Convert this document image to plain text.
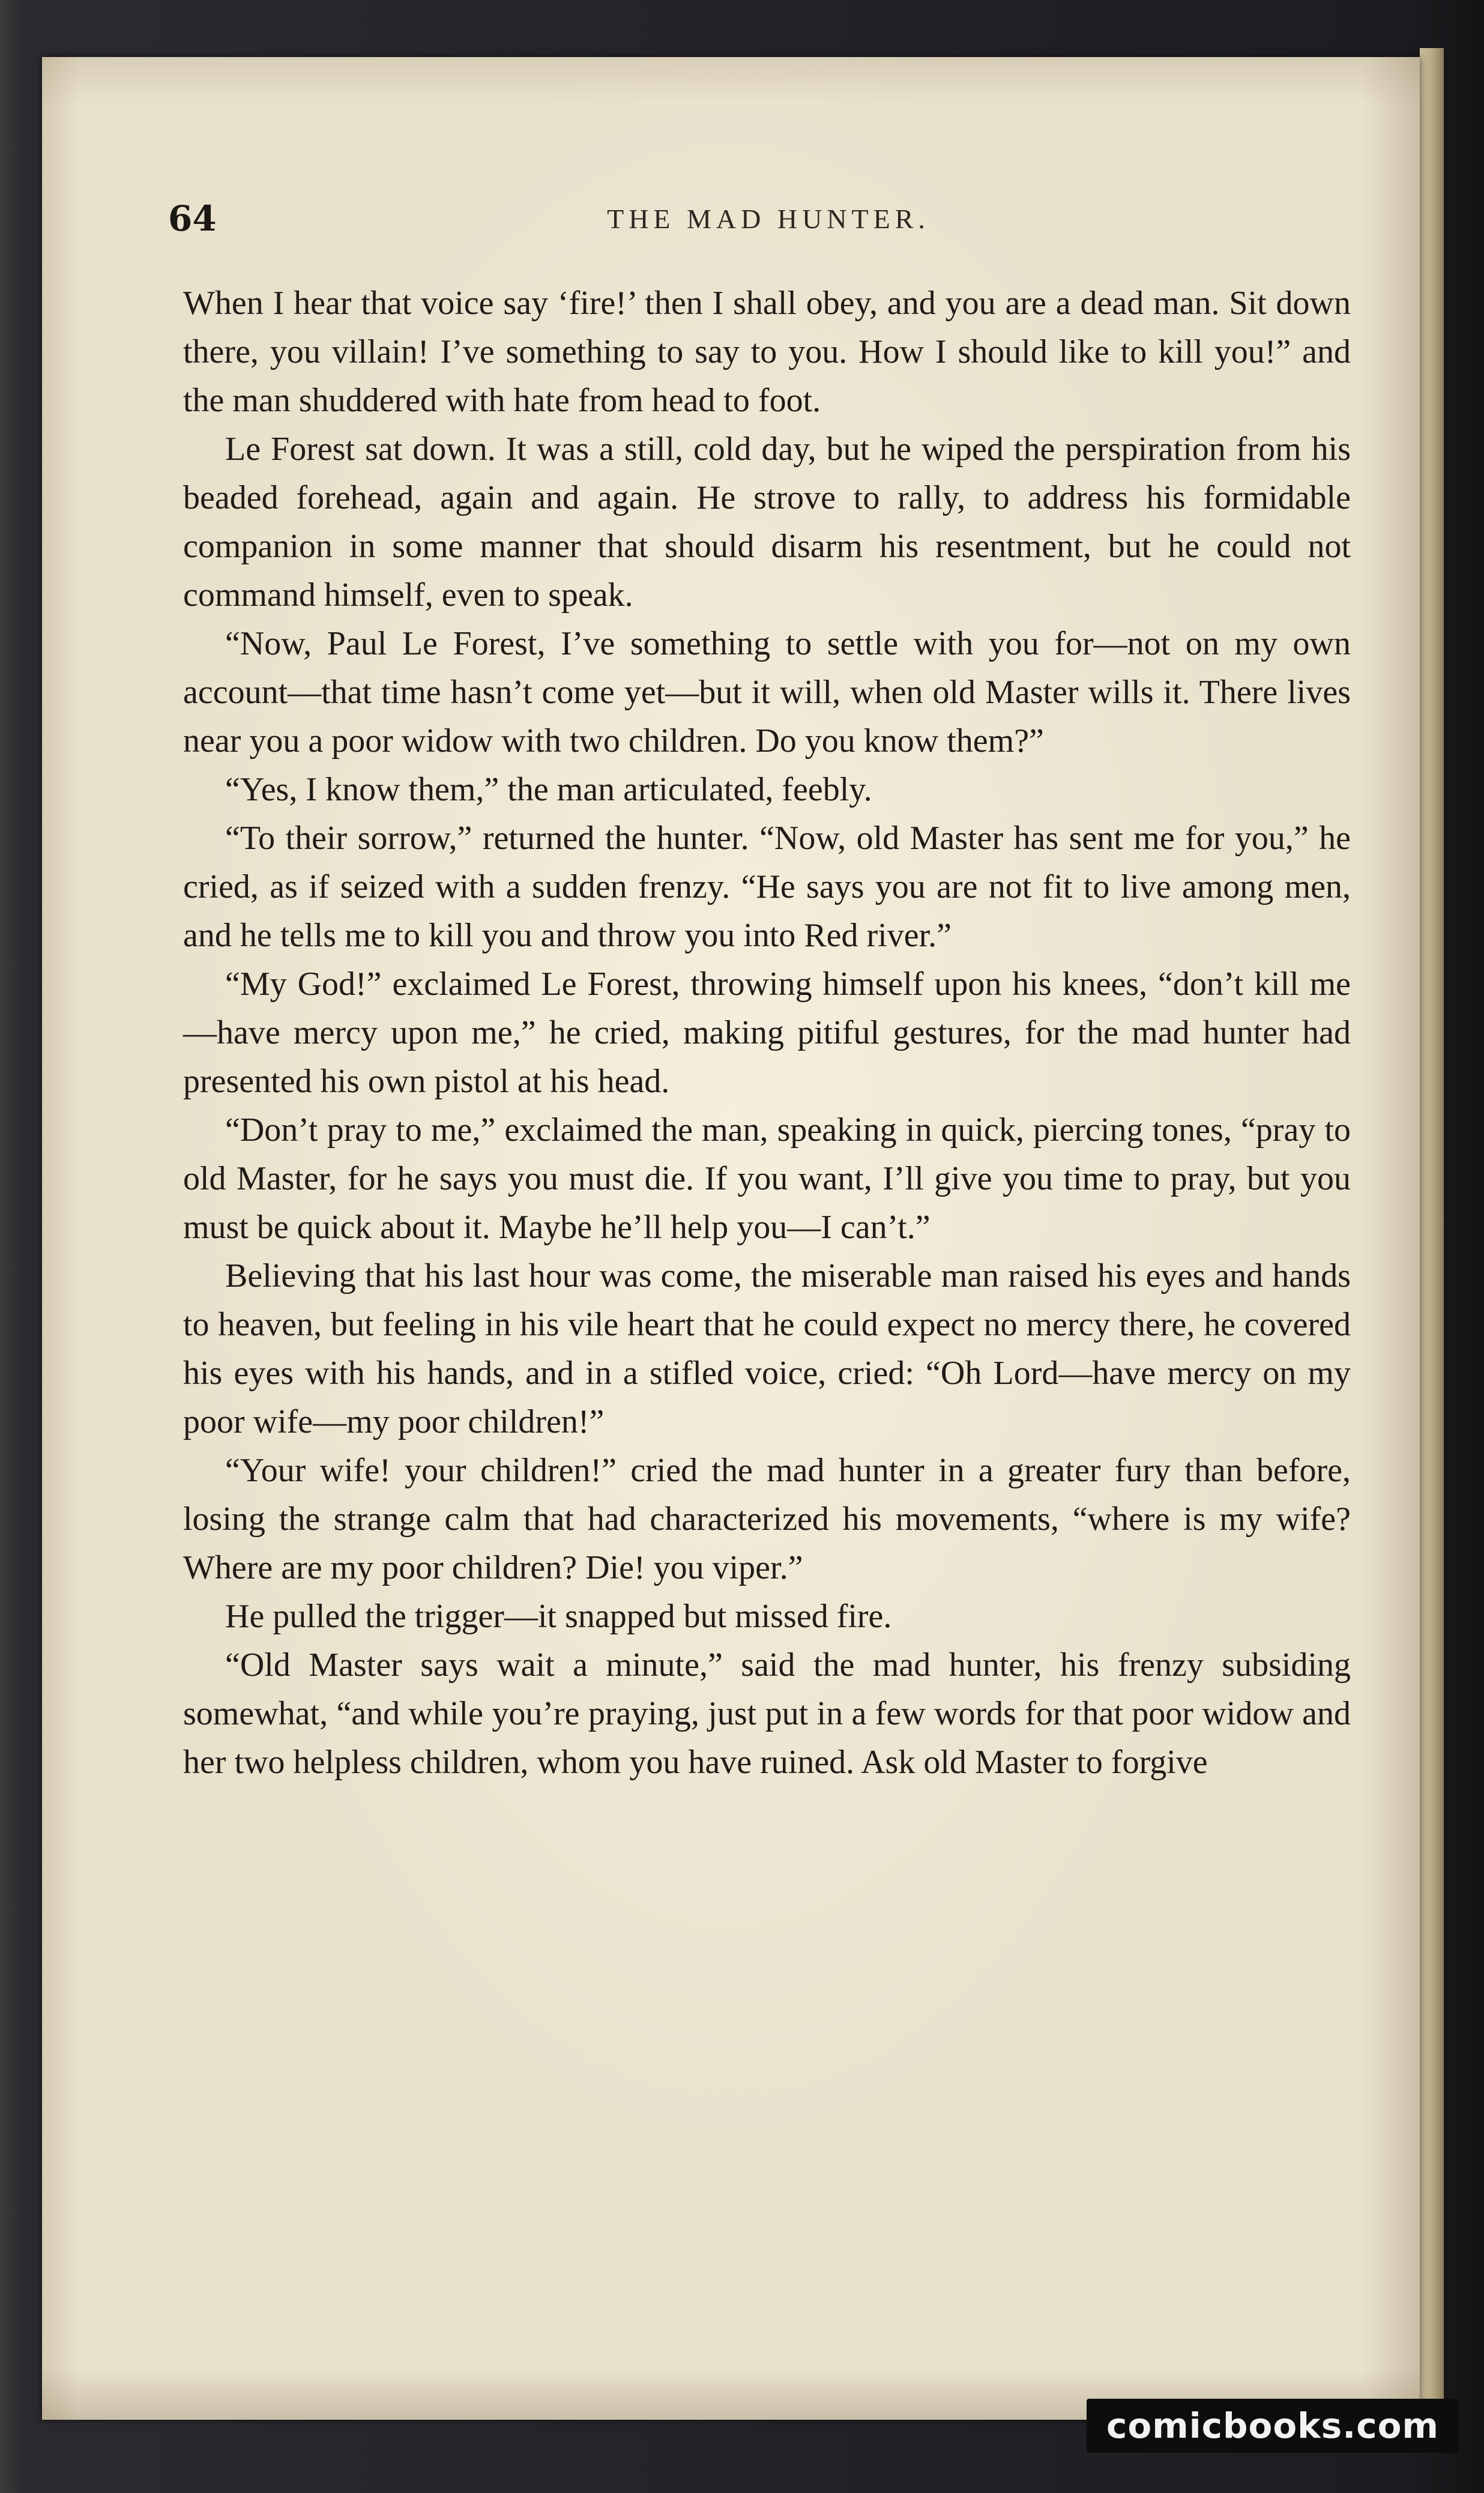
64	THE MAD HUNTER.

When I hear that voice say ‘fire!’ then I shall obey, and you are a dead man. Sit down there, you villain! I’ve something to say to you. How I should like to kill you!” and the man shuddered with hate from head to foot.

Le Forest sat down. It was a still, cold day, but he wiped the perspiration from his beaded forehead, again and again. He strove to rally, to address his formidable companion in some manner that should disarm his resentment, but he could not command himself, even to speak.

“Now, Paul Le Forest, I’ve something to settle with you for—not on my own account—that time hasn’t come yet—but it will, when old Master wills it. There lives near you a poor widow with two children. Do you know them?”

“Yes, I know them,” the man articulated, feebly.

“To their sorrow,” returned the hunter. “Now, old Master has sent me for you,” he cried, as if seized with a sudden frenzy. “He says you are not fit to live among men, and he tells me to kill you and throw you into Red river.”

“My God!” exclaimed Le Forest, throwing himself upon his knees, “don’t kill me—have mercy upon me,” he cried, making pitiful gestures, for the mad hunter had presented his own pistol at his head.

“Don’t pray to me,” exclaimed the man, speaking in quick, piercing tones, “pray to old Master, for he says you must die. If you want, I’ll give you time to pray, but you must be quick about it. Maybe he’ll help you—I can’t.”

Believing that his last hour was come, the miserable man raised his eyes and hands to heaven, but feeling in his vile heart that he could expect no mercy there, he covered his eyes with his hands, and in a stifled voice, cried: “Oh Lord—have mercy on my poor wife—my poor children!”

“Your wife! your children!” cried the mad hunter in a greater fury than before, losing the strange calm that had characterized his movements, “where is my wife? Where are my poor children? Die! you viper.”

He pulled the trigger—it snapped but missed fire.

“Old Master says wait a minute,” said the mad hunter, his frenzy subsiding somewhat, “and while you’re praying, just put in a few words for that poor widow and her two helpless children, whom you have ruined. Ask old Master to forgive

comicbooks.com
